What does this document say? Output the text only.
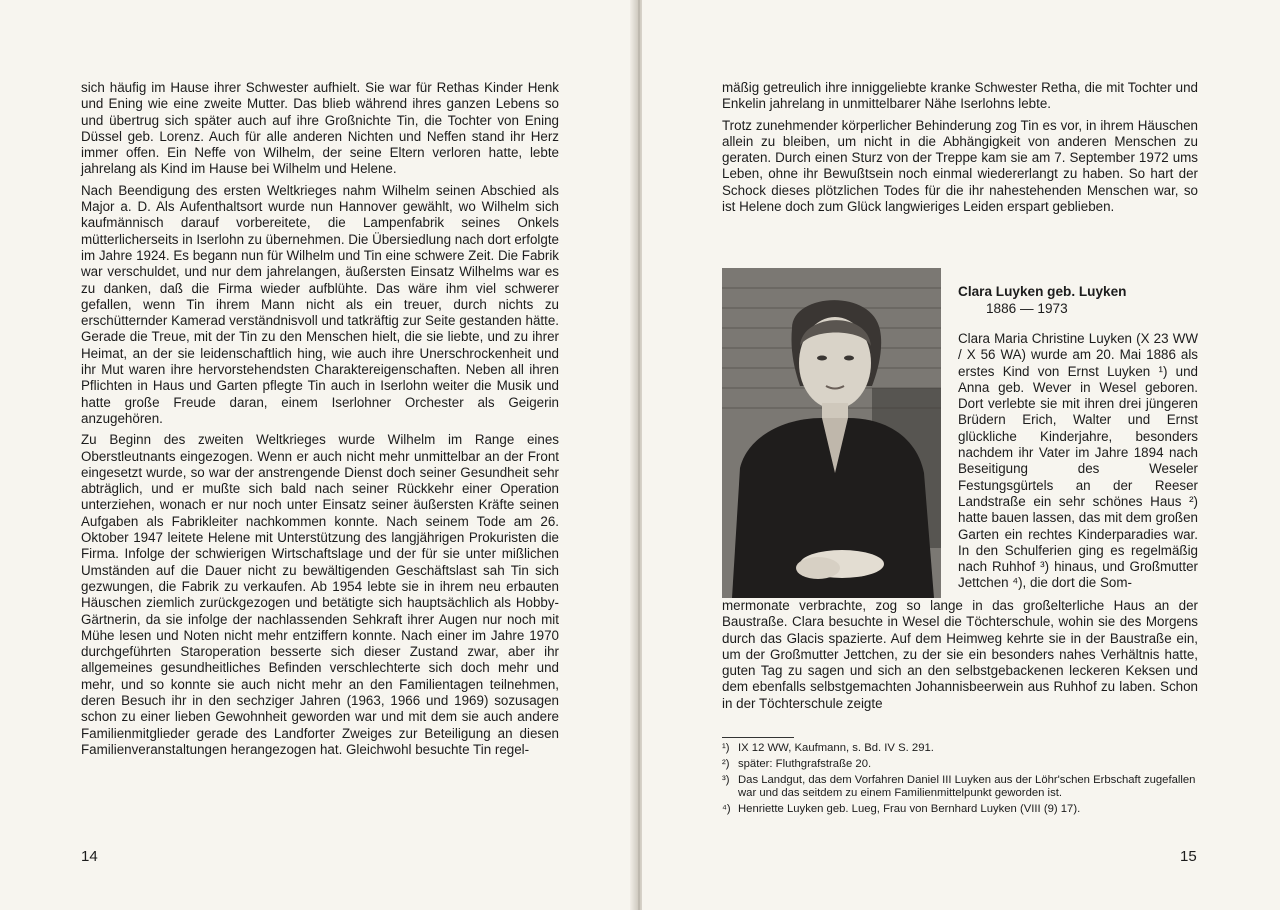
sich häufig im Hause ihrer Schwester aufhielt. Sie war für Rethas Kinder Henk und Ening wie eine zweite Mutter. Das blieb während ihres ganzen Lebens so und übertrug sich später auch auf ihre Großnichte Tin, die Tochter von Ening Düssel geb. Lorenz. Auch für alle anderen Nichten und Neffen stand ihr Herz immer offen. Ein Neffe von Wilhelm, der seine Eltern verloren hatte, lebte jahrelang als Kind im Hause bei Wilhelm und Helene.

Nach Beendigung des ersten Weltkrieges nahm Wilhelm seinen Abschied als Major a. D. Als Aufenthaltsort wurde nun Hannover gewählt, wo Wilhelm sich kaufmännisch darauf vorbereitete, die Lampenfabrik seines Onkels mütterlicherseits in Iserlohn zu übernehmen. Die Übersiedlung nach dort erfolgte im Jahre 1924. Es begann nun für Wilhelm und Tin eine schwere Zeit. Die Fabrik war verschuldet, und nur dem jahrelangen, äußersten Einsatz Wilhelms war es zu danken, daß die Firma wieder aufblühte. Das wäre ihm viel schwerer gefallen, wenn Tin ihrem Mann nicht als ein treuer, durch nichts zu erschütternder Kamerad verständnisvoll und tatkräftig zur Seite gestanden hätte. Gerade die Treue, mit der Tin zu den Menschen hielt, die sie liebte, und zu ihrer Heimat, an der sie leidenschaftlich hing, wie auch ihre Unerschrockenheit und ihr Mut waren ihre hervorstehendsten Charaktereigenschaften. Neben all ihren Pflichten in Haus und Garten pflegte Tin auch in Iserlohn weiter die Musik und hatte große Freude daran, einem Iserlohner Orchester als Geigerin anzugehören.

Zu Beginn des zweiten Weltkrieges wurde Wilhelm im Range eines Oberstleutnants eingezogen. Wenn er auch nicht mehr unmittelbar an der Front eingesetzt wurde, so war der anstrengende Dienst doch seiner Gesundheit sehr abträglich, und er mußte sich bald nach seiner Rückkehr einer Operation unterziehen, wonach er nur noch unter Einsatz seiner äußersten Kräfte seinen Aufgaben als Fabrikleiter nachkommen konnte. Nach seinem Tode am 26. Oktober 1947 leitete Helene mit Unterstützung des langjährigen Prokuristen die Firma. Infolge der schwierigen Wirtschaftslage und der für sie unter mißlichen Umständen auf die Dauer nicht zu bewältigenden Geschäftslast sah Tin sich gezwungen, die Fabrik zu verkaufen. Ab 1954 lebte sie in ihrem neu erbauten Häuschen ziemlich zurückgezogen und betätigte sich hauptsächlich als Hobby-Gärtnerin, da sie infolge der nachlassenden Sehkraft ihrer Augen nur noch mit Mühe lesen und Noten nicht mehr entziffern konnte. Nach einer im Jahre 1970 durchgeführten Staroperation besserte sich dieser Zustand zwar, aber ihr allgemeines gesundheitliches Befinden verschlechterte sich doch mehr und mehr, und so konnte sie auch nicht mehr an den Familientagen teilnehmen, deren Besuch ihr in den sechziger Jahren (1963, 1966 und 1969) sozusagen schon zu einer lieben Gewohnheit geworden war und mit dem sie auch andere Familienmitglieder gerade des Landforter Zweiges zur Beteiligung an diesen Familienveranstaltungen herangezogen hat. Gleichwohl besuchte Tin regel-

14

mäßig getreulich ihre inniggeliebte kranke Schwester Retha, die mit Tochter und Enkelin jahrelang in unmittelbarer Nähe Iserlohns lebte.

Trotz zunehmender körperlicher Behinderung zog Tin es vor, in ihrem Häuschen allein zu bleiben, um nicht in die Abhängigkeit von anderen Menschen zu geraten. Durch einen Sturz von der Treppe kam sie am 7. September 1972 ums Leben, ohne ihr Bewußtsein noch einmal wiedererlangt zu haben. So hart der Schock dieses plötzlichen Todes für die ihr nahestehenden Menschen war, so ist Helene doch zum Glück langwieriges Leiden erspart geblieben.

Clara Luyken geb. Luyken
1886 — 1973
Clara Maria Christine Luyken (X 23 WW / X 56 WA) wurde am 20. Mai 1886 als erstes Kind von Ernst Luyken ¹) und Anna geb. Wever in Wesel geboren. Dort verlebte sie mit ihren drei jüngeren Brüdern Erich, Walter und Ernst glückliche Kinderjahre, besonders nachdem ihr Vater im Jahre 1894 nach Beseitigung des Weseler Festungsgürtels an der Reeser Landstraße ein sehr schönes Haus ²) hatte bauen lassen, das mit dem großen Garten ein rechtes Kinderparadies war. In den Schulferien ging es regelmäßig nach Ruhhof ³) hinaus, und Großmutter Jettchen ⁴), die dort die Som-
mermonate verbrachte, zog so lange in das großelterliche Haus an der Baustraße. Clara besuchte in Wesel die Töchterschule, wohin sie des Morgens durch das Glacis spazierte. Auf dem Heimweg kehrte sie in der Baustraße ein, um der Großmutter Jettchen, zu der sie ein besonders nahes Verhältnis hatte, guten Tag zu sagen und sich an den selbstgebackenen leckeren Keksen und dem ebenfalls selbstgemachten Johannisbeerwein aus Ruhhof zu laben. Schon in der Töchterschule zeigte
¹) IX 12 WW, Kaufmann, s. Bd. IV S. 291.
²) später: Fluthgrafstraße 20.
³) Das Landgut, das dem Vorfahren Daniel III Luyken aus der Löhr'schen Erbschaft zugefallen war und das seitdem zu einem Familienmittelpunkt geworden ist.
⁴) Henriette Luyken geb. Lueg, Frau von Bernhard Luyken (VIII (9) 17).
15
